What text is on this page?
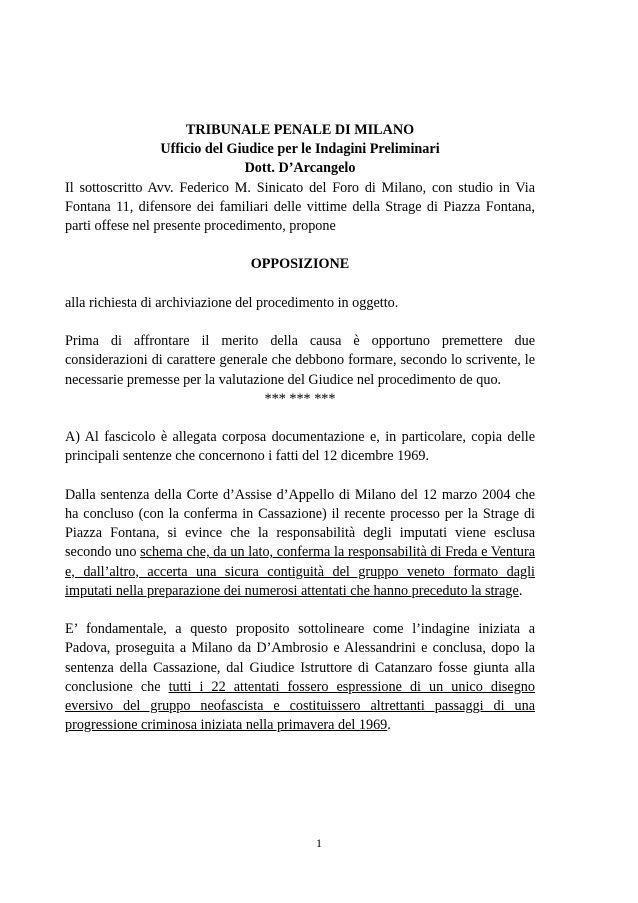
TRIBUNALE PENALE DI MILANO
Ufficio del Giudice per le Indagini Preliminari
Dott. D’Arcangelo
Il sottoscritto Avv. Federico M. Sinicato del Foro di Milano, con studio in Via Fontana 11, difensore dei familiari delle vittime della Strage di Piazza Fontana, parti offese nel presente procedimento, propone
OPPOSIZIONE
alla richiesta di archiviazione del procedimento in oggetto.
Prima di affrontare il merito della causa è opportuno premettere due considerazioni di carattere generale che debbono formare, secondo lo scrivente, le necessarie premesse per la valutazione del Giudice nel procedimento de quo.
*** *** ***
A) Al fascicolo è allegata corposa documentazione e, in particolare, copia delle principali sentenze che concernono i fatti del 12 dicembre 1969.
Dalla sentenza della Corte d’Assise d’Appello di Milano del 12 marzo 2004 che ha concluso (con la conferma in Cassazione) il recente processo per la Strage di Piazza Fontana, si evince che la responsabilità degli imputati viene esclusa secondo uno schema che, da un lato, conferma la responsabilità di Freda e Ventura e, dall’altro, accerta una sicura contiguità del gruppo veneto formato dagli imputati nella preparazione dei numerosi attentati che hanno preceduto la strage.
E’ fondamentale, a questo proposito sottolineare come l’indagine iniziata a Padova, proseguita a Milano da D’Ambrosio e Alessandrini e conclusa, dopo la sentenza della Cassazione, dal Giudice Istruttore di Catanzaro fosse giunta alla conclusione che tutti i 22 attentati fossero espressione di un unico disegno eversivo del gruppo neofascista e costituissero altrettanti passaggi di una progressione criminosa iniziata nella primavera del 1969.
1
